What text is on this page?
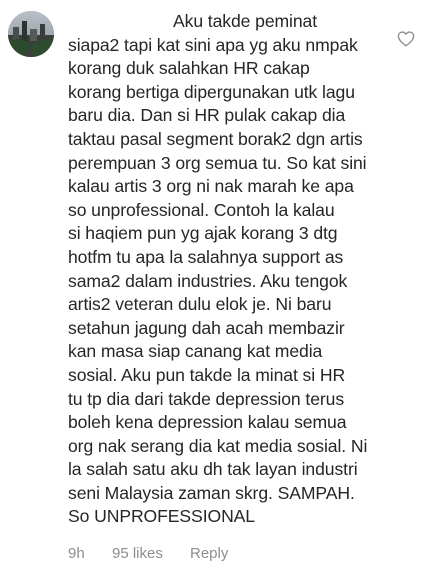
Aku takde peminat
siapa2 tapi kat sini apa yg aku nmpak
korang duk salahkan HR cakap
korang bertiga dipergunakan utk lagu
baru dia. Dan si HR pulak cakap dia
taktau pasal segment borak2 dgn artis
perempuan 3 org semua tu. So kat sini
kalau artis 3 org ni nak marah ke apa
so unprofessional. Contoh la kalau
si haqiem pun yg ajak korang 3 dtg
hotfm tu apa la salahnya support as
sama2 dalam industries. Aku tengok
artis2 veteran dulu elok je. Ni baru
setahun jagung dah acah membazir
kan masa siap canang kat media
sosial. Aku pun takde la minat si HR
tu tp dia dari takde depression terus
boleh kena depression kalau semua
org nak serang dia kat media sosial. Ni
la salah satu aku dh tak layan industri
seni Malaysia zaman skrg. SAMPAH.
So UNPROFESSIONAL
9h	95 likes	Reply
